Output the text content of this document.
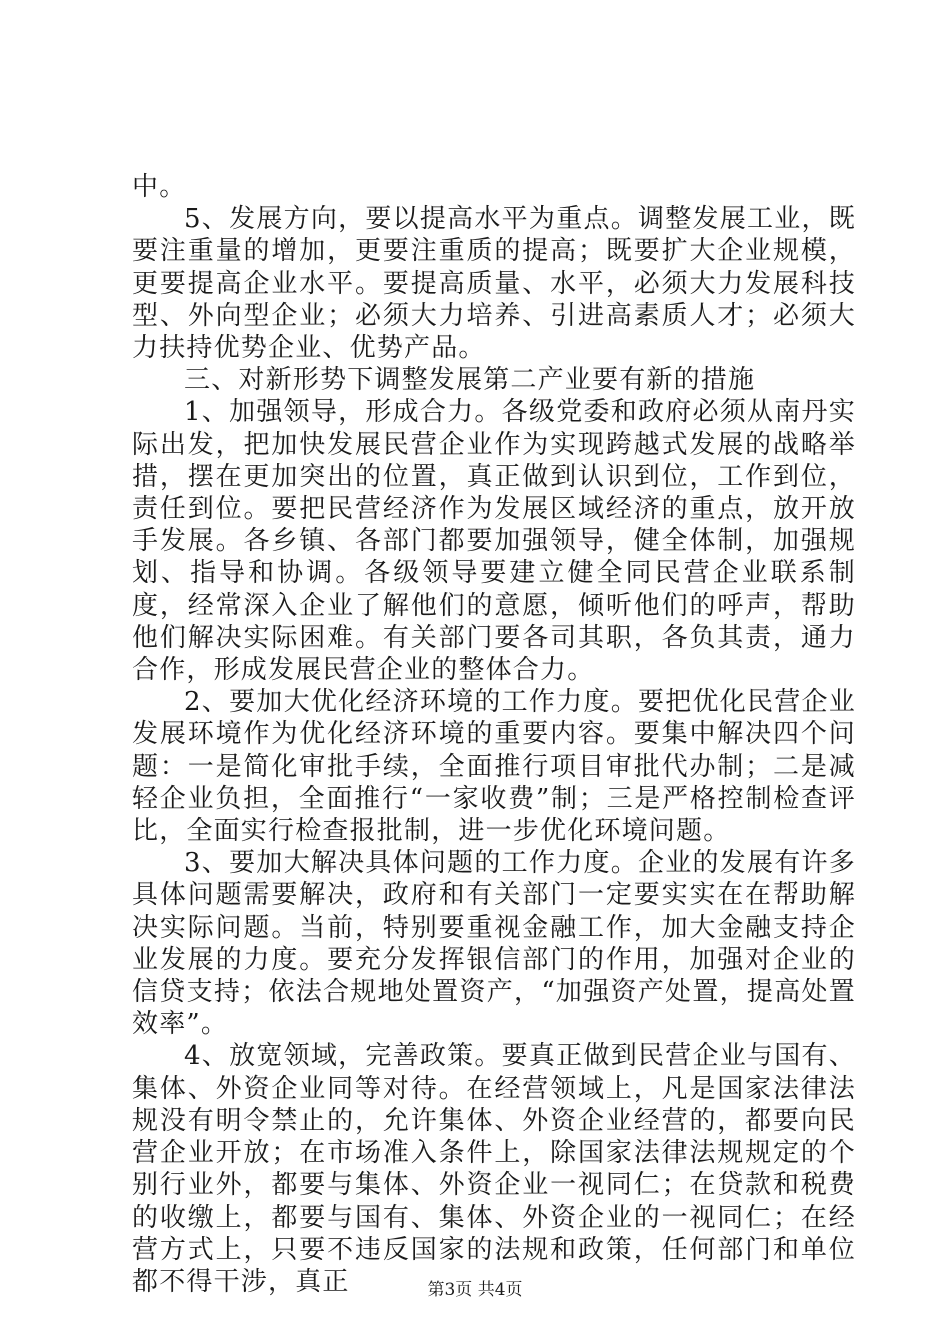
中。

5、发展方向，要以提高水平为重点。调整发展工业，既要注重量的增加，更要注重质的提高；既要扩大企业规模，更要提高企业水平。要提高质量、水平，必须大力发展科技型、外向型企业；必须大力培养、引进高素质人才；必须大力扶持优势企业、优势产品。

三、对新形势下调整发展第二产业要有新的措施

1、加强领导，形成合力。各级党委和政府必须从南丹实际出发，把加快发展民营企业作为实现跨越式发展的战略举措，摆在更加突出的位置，真正做到认识到位，工作到位，责任到位。要把民营经济作为发展区域经济的重点，放开放手发展。各乡镇、各部门都要加强领导，健全体制，加强规划、指导和协调。各级领导要建立健全同民营企业联系制度，经常深入企业了解他们的意愿，倾听他们的呼声，帮助他们解决实际困难。有关部门要各司其职，各负其责，通力合作，形成发展民营企业的整体合力。

2、要加大优化经济环境的工作力度。要把优化民营企业发展环境作为优化经济环境的重要内容。要集中解决四个问题：一是简化审批手续，全面推行项目审批代办制；二是减轻企业负担，全面推行“一家收费”制；三是严格控制检查评比，全面实行检查报批制，进一步优化环境问题。

3、要加大解决具体问题的工作力度。企业的发展有许多具体问题需要解决，政府和有关部门一定要实实在在帮助解决实际问题。当前，特别要重视金融工作，加大金融支持企业发展的力度。要充分发挥银信部门的作用，加强对企业的信贷支持；依法合规地处置资产，“加强资产处置，提高处置效率”。

4、放宽领域，完善政策。要真正做到民营企业与国有、集体、外资企业同等对待。在经营领域上，凡是国家法律法规没有明令禁止的，允许集体、外资企业经营的，都要向民营企业开放；在市场准入条件上，除国家法律法规规定的个别行业外，都要与集体、外资企业一视同仁；在贷款和税费的收缴上，都要与国有、集体、外资企业的一视同仁；在经营方式上，只要不违反国家的法规和政策，任何部门和单位都不得干涉，真正	第3页 共4页
